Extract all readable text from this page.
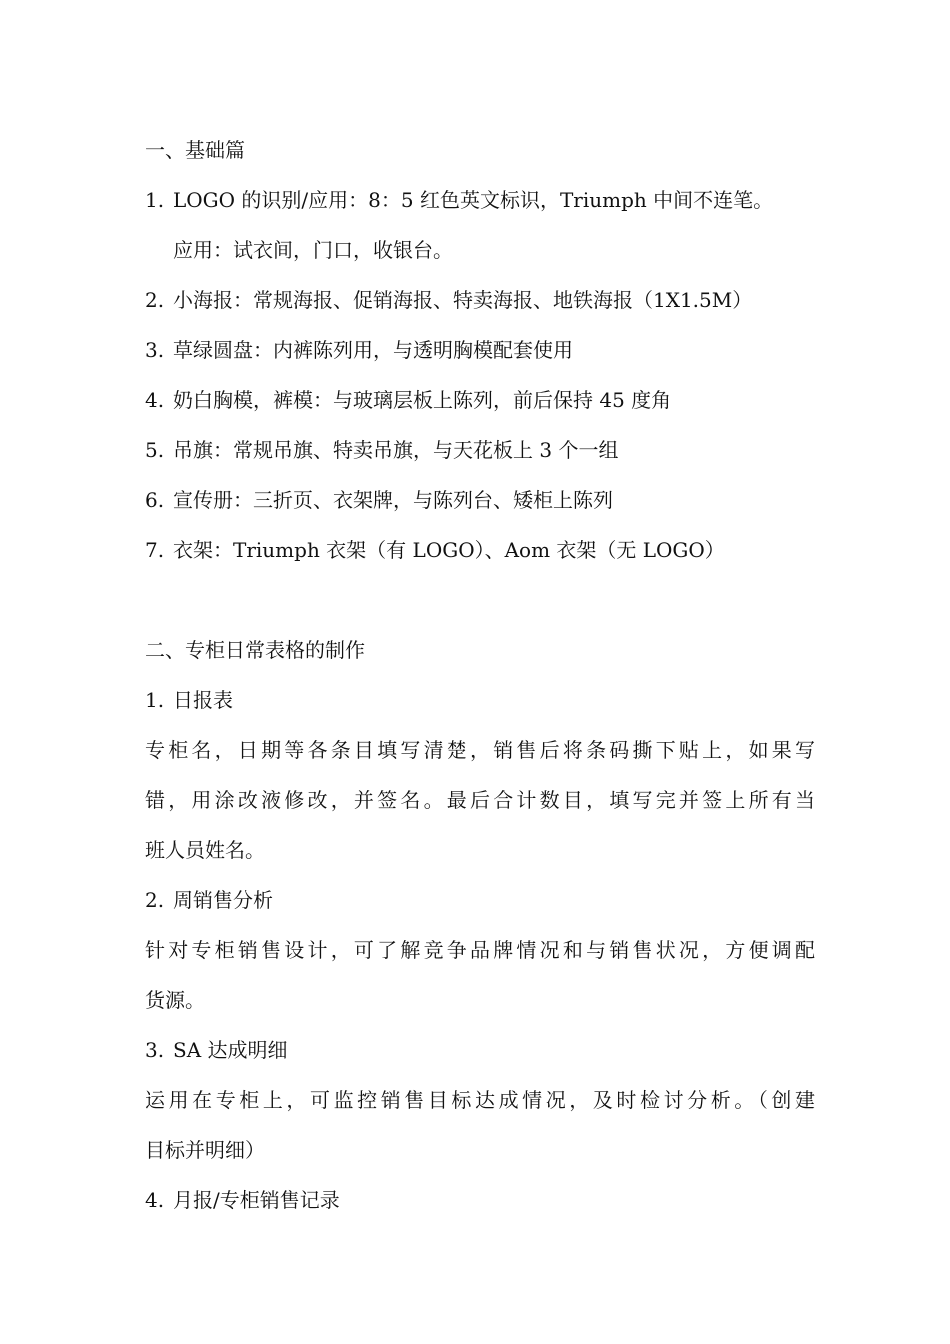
一、基础篇
1. LOGO 的识别/应用：8：5 红色英文标识，Triumph 中间不连笔。
应用：试衣间，门口，收银台。
2. 小海报：常规海报、促销海报、特卖海报、地铁海报（1X1.5M）
3. 草绿圆盘：内裤陈列用，与透明胸模配套使用
4. 奶白胸模，裤模：与玻璃层板上陈列，前后保持 45 度角
5. 吊旗：常规吊旗、特卖吊旗，与天花板上 3 个一组
6. 宣传册：三折页、衣架牌，与陈列台、矮柜上陈列
7. 衣架：Triumph 衣架（有 LOGO）、Aom 衣架（无 LOGO）
二、专柜日常表格的制作
1. 日报表
专柜名，日期等各条目填写清楚，销售后将条码撕下贴上，如果写
错，用涂改液修改，并签名。最后合计数目，填写完并签上所有当
班人员姓名。
2. 周销售分析
针对专柜销售设计，可了解竞争品牌情况和与销售状况，方便调配
货源。
3. SA 达成明细
运用在专柜上，可监控销售目标达成情况，及时检讨分析。（创建
目标并明细）
4. 月报/专柜销售记录
